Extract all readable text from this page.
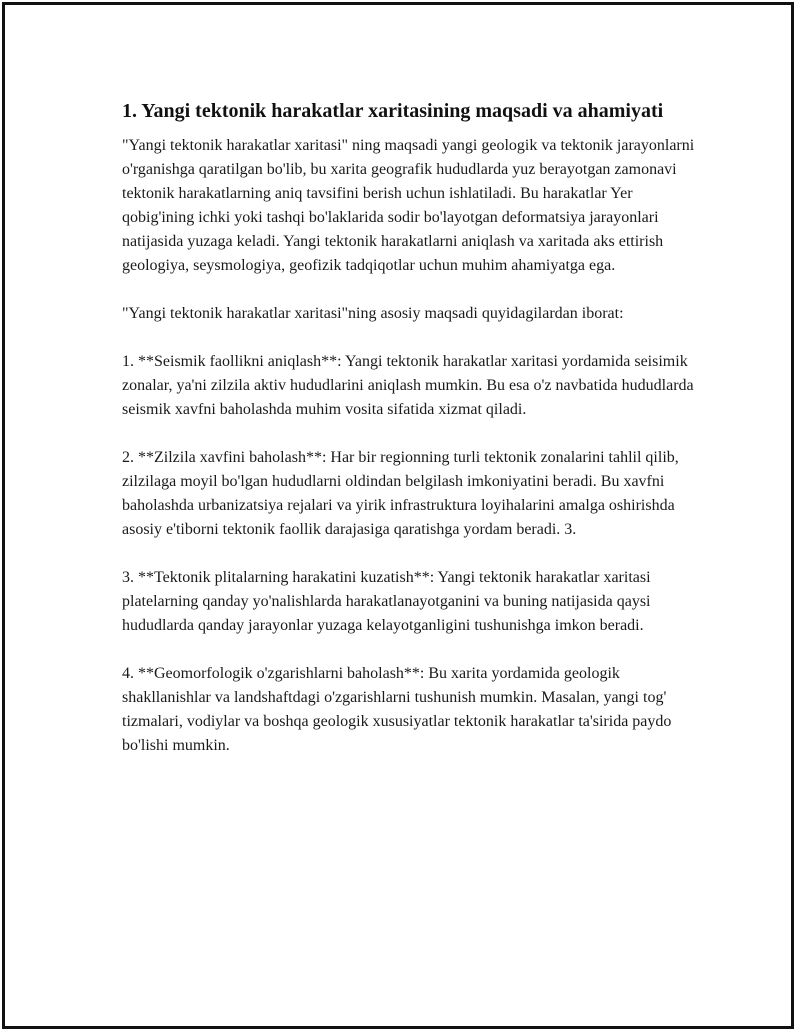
1. Yangi tektonik harakatlar xaritasining maqsadi va ahamiyati

"Yangi tektonik harakatlar xaritasi" ning maqsadi yangi geologik va tektonik jarayonlarni o'rganishga qaratilgan bo'lib, bu xarita geografik hududlarda yuz berayotgan zamonavi tektonik harakatlarning aniq tavsifini berish uchun ishlatiladi. Bu harakatlar Yer qobig'ining ichki yoki tashqi bo'laklarida sodir bo'layotgan deformatsiya jarayonlari natijasida yuzaga keladi. Yangi tektonik harakatlarni aniqlash va xaritada aks ettirish geologiya, seysmologiya, geofizik tadqiqotlar uchun muhim ahamiyatga ega.

"Yangi tektonik harakatlar xaritasi"ning asosiy maqsadi quyidagilardan iborat:

1. **Seismik faollikni aniqlash**: Yangi tektonik harakatlar xaritasi yordamida seisimik zonalar, ya'ni zilzila aktiv hududlarini aniqlash mumkin. Bu esa o'z navbatida hududlarda seismik xavfni baholashda muhim vosita sifatida xizmat qiladi.

2. **Zilzila xavfini baholash**: Har bir regionning turli tektonik zonalarini tahlil qilib, zilzilaga moyil bo'lgan hududlarni oldindan belgilash imkoniyatini beradi. Bu xavfni baholashda urbanizatsiya rejalari va yirik infrastruktura loyihalarini amalga oshirishda asosiy e'tiborni tektonik faollik darajasiga qaratishga yordam beradi. 3.

3. **Tektonik plitalarning harakatini kuzatish**: Yangi tektonik harakatlar xaritasi platelarning qanday yo'nalishlarda harakatlanayotganini va buning natijasida qaysi hududlarda qanday jarayonlar yuzaga kelayotganligini tushunishga imkon beradi.

4. **Geomorfologik o'zgarishlarni baholash**: Bu xarita yordamida geologik shakllanishlar va landshaftdagi o'zgarishlarni tushunish mumkin. Masalan, yangi tog' tizmalari, vodiylar va boshqa geologik xususiyatlar tektonik harakatlar ta'sirida paydo bo'lishi mumkin.
